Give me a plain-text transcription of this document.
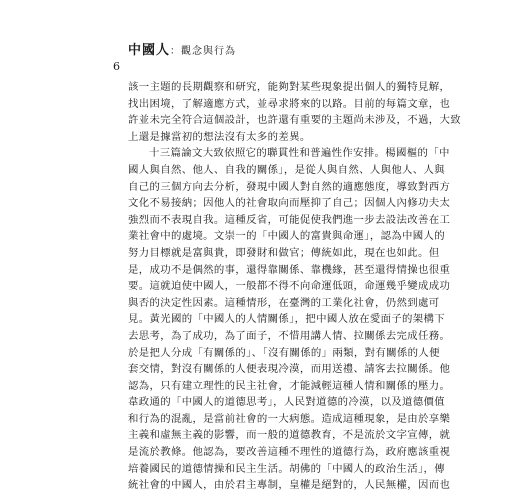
中國人 ：觀念與行為
6
該一主題的長期觀察和研究，能夠對某些現象提出個人的獨特見解，
找出困境，了解適應方式，並尋求將來的以路。目前的每篇文章，也
許並未完全符合這個設計，也許還有重要的主題尚未涉及，不過，大致
上還是據當初的想法沒有太多的差異。
十三篇論文大致依照它的聯貫性和普遍性作安排。楊國樞的「中
國人與自然、他人、自我的關係」，是從人與自然、人與他人、人與
自己的三個方向去分析，發現中國人對自然的適應態度，導致對西方
文化不易接納；因他人的社會取向而壓抑了自己；因個人內修功夫太
強烈而不表現自我。這種反省，可能促使我們進一步去設法改善在工
業社會中的處境。文崇一的「中國人的富貴與命運」，認為中國人的
努力目標就是富與貴，即發財和做官；傳統如此，現在也如此。但
是，成功不是偶然的事，還得靠關係、靠機緣，甚至還得情操也很重
要。這就迫使中國人，一般都不得不向命運低頭，命運幾乎變成成功
與否的決定性因素。這種情形，在臺灣的工業化社會，仍然到處可
見。黃光國的「中國人的人情關係」，把中國人放在愛面子的架構下
去思考，為了成功，為了面子，不惜用講人情、拉關係去完成任務。
於是把人分成「有關係的」、「沒有關係的」兩類，對有關係的人便
套交情，對沒有關係的人便表現冷漠，而用送禮、請客去拉關係。他
認為，只有建立理性的民主社會，才能減輕這種人情和關係的壓力。
韋政通的「中國人的道德思考」，人民對道德的冷漠，以及道德價值
和行為的混亂，是當前社會的一大病態。造成這種現象，是由於享樂
主義和虛無主義的影響，而一般的道德教育，不是流於文字宣傳，就
是流於教條。他認為，要改善這種不理性的道德行為，政府應該重視
培養國民的道德情操和民主生活。胡佛的「中國人的政治生活」，傳
統社會的中國人，由於君主專制，皇權是絕對的，人民無權，因而也
